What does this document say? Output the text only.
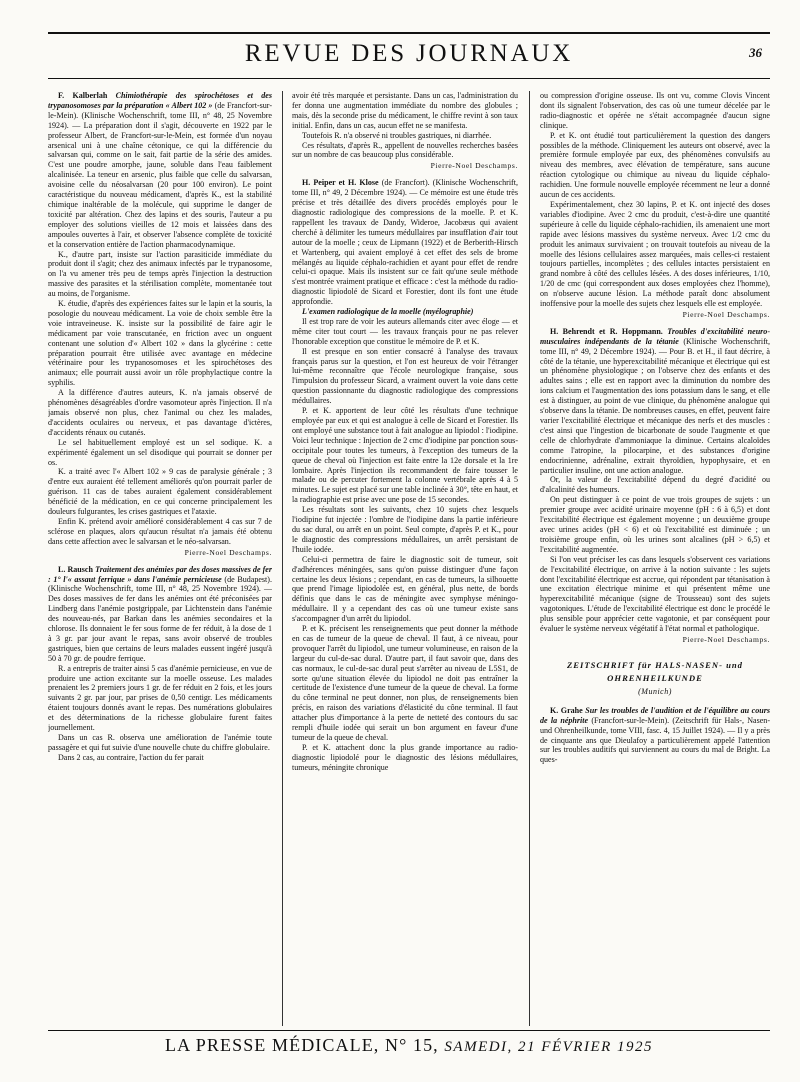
REVUE DES JOURNAUX	36

F. Kalberlah Chimiothérapie des spirochétoses et des trypanosomoses par la préparation « Albert 102 » (de Francfort-sur-le-Mein). (Klinische Wochenschrift, tome III, n° 48, 25 Novembre 1924). — La préparation dont il s'agit, découverte en 1922 par le professeur Albert, de Francfort-sur-le-Mein, est formée d'un noyau arsenical uni à une chaîne cétonique, ce qui la différencie du salvarsan qui, comme on le sait, fait partie de la série des amides. C'est une poudre amorphe, jaune, soluble dans l'eau faiblement alcalinisée. La teneur en arsenic, plus faible que celle du salvarsan, avoisine celle du néosalvarsan (20 pour 100 environ). Le point caractéristique du nouveau médicament, d'après K., est la stabilité chimique inaltérable de la molécule, qui supprime le danger de toxicité par altération. Chez des lapins et des souris, l'auteur a pu employer des solutions vieilles de 12 mois et laissées dans des ampoules ouvertes à l'air, et observer l'absence complète de toxicité et la conservation entière de l'action pharmacodynamique.

K., d'autre part, insiste sur l'action parasiticide immédiate du produit dont il s'agit; chez des animaux infectés par le trypanosome, on l'a vu amener très peu de temps après l'injection la destruction massive des parasites et la stérilisation complète, momentanée tout au moins, de l'organisme.

K. étudie, d'après des expériences faites sur le lapin et la souris, la posologie du nouveau médicament. La voie de choix semble être la voie intraveineuse. K. insiste sur la possibilité de faire agir le médicament par voie transcutanée, en friction avec un onguent contenant une solution d'« Albert 102 » dans la glycérine : cette préparation pourrait être utilisée avec avantage en médecine vétérinaire pour les trypanosomoses et les spirochétoses des animaux; elle pourrait aussi avoir un rôle prophylactique contre la syphilis.

A la différence d'autres auteurs, K. n'a jamais observé de phénomènes désagréables d'ordre vasomoteur après l'injection. Il n'a jamais observé non plus, chez l'animal ou chez les malades, d'accidents oculaires ou nerveux, et pas davantage d'ictères, d'accidents rénaux ou cutanés.

Le sel habituellement employé est un sel sodique. K. a expérimenté également un sel disodique qui pourrait se donner per os.

K. a traité avec l'« Albert 102 » 9 cas de paralysie générale ; 3 d'entre eux auraient été tellement améliorés qu'on pourrait parler de guérison. 11 cas de tabes auraient également considérablement bénéficié de la médication, en ce qui concerne principalement les douleurs fulgurantes, les crises gastriques et l'ataxie.

Enfin K. prétend avoir amélioré considérablement 4 cas sur 7 de sclérose en plaques, alors qu'aucun résultat n'a jamais été obtenu dans cette affection avec le salvarsan et le néo-salvarsan.

Pierre-Noel Deschamps.

L. Rausch Traitement des anémies par des doses massives de fer : 1° l'« assaut ferrique » dans l'anémie pernicieuse (de Budapest). (Klinische Wochenschrift, tome III, n° 48, 25 Novembre 1924). — Des doses massives de fer dans les anémies ont été préconisées par Lindberg dans l'anémie postgrippale, par Lichtenstein dans l'anémie des nouveau-nés, par Barkan dans les anémies secondaires et la chlorose. Ils donnaient le fer sous forme de fer réduit, à la dose de 1 à 3 gr. par jour avant le repas, sans avoir observé de troubles gastriques, bien que certains de leurs malades eussent ingéré jusqu'à 50 à 70 gr. de poudre ferrique.

R. a entrepris de traiter ainsi 5 cas d'anémie pernicieuse, en vue de produire une action excitante sur la moelle osseuse. Les malades prenaient les 2 premiers jours 1 gr. de fer réduit en 2 fois, et les jours suivants 2 gr. par jour, par prises de 0,50 centigr. Les médicaments étaient toujours donnés avant le repas. Des numérations globulaires et des déterminations de la richesse globulaire furent faites journellement.

Dans un cas R. observa une amélioration de l'anémie toute passagère et qui fut suivie d'une nouvelle chute du chiffre globulaire.

Dans 2 cas, au contraire, l'action du fer parait

avoir été très marquée et persistante. Dans un cas, l'administration du fer donna une augmentation immédiate du nombre des globules ; mais, dès la seconde prise du médicament, le chiffre revint à son taux initial. Enfin, dans un cas, aucun effet ne se manifesta.

Toutefois R. n'a observé ni troubles gastriques, ni diarrhée.

Ces résultats, d'après R., appellent de nouvelles recherches basées sur un nombre de cas beaucoup plus considérable.

Pierre-Noel Deschamps.

H. Peiper et H. Klose (de Francfort). (Klinische Wochenschrift, tome III, n° 49, 2 Décembre 1924). — Ce mémoire est une étude très précise et très détaillée des divers procédés employés pour le diagnostic radiologique des compressions de la moelle. P. et K. rappellent les travaux de Dandy, Wideroe, Jacobæus qui avaient cherché à délimiter les tumeurs médullaires par insufflation d'air tout autour de la moelle ; ceux de Lipmann (1922) et de Berberith-Hirsch et Wartenberg, qui avaient employé à cet effet des sels de brome mélangés au liquide céphalo-rachidien et ayant pour effet de rendre celui-ci opaque. Mais ils insistent sur ce fait qu'une seule méthode s'est montrée vraiment pratique et efficace : c'est la méthode du radio-diagnostic lipiodolé de Sicard et Forestier, dont ils font une étude approfondie.

L'examen radiologique de la moelle (myélographie)

Il est trop rare de voir les auteurs allemands citer avec éloge — et même citer tout court — les travaux français pour ne pas relever l'honorable exception que constitue le mémoire de P. et K.

Il est presque en son entier consacré à l'analyse des travaux français parus sur la question, et l'on est heureux de voir l'étranger lui-même reconnaître que l'école neurologique française, sous l'impulsion du professeur Sicard, a vraiment ouvert la voie dans cette question passionnante du diagnostic radiologique des compressions médullaires.

P. et K. apportent de leur côté les résultats d'une technique employée par eux et qui est analogue à celle de Sicard et Forestier. Ils ont employé une substance tout à fait analogue au lipiodol : l'iodipine. Voici leur technique : Injection de 2 cmc d'iodipine par ponction sous-occipitale pour toutes les tumeurs, à l'exception des tumeurs de la queue de cheval où l'injection est faite entre la 12e dorsale et la 1re lombaire. Après l'injection ils recommandent de faire tousser le malade ou de percuter fortement la colonne vertébrale après 4 à 5 minutes. Le sujet est placé sur une table inclinée à 30°, tête en haut, et la radiographie est prise avec une pose de 15 secondes.

Les résultats sont les suivants, chez 10 sujets chez lesquels l'iodipine fut injectée : l'ombre de l'iodipine dans la partie inférieure du sac dural, ou arrêt en un point. Seul compte, d'après P. et K., pour le diagnostic des compressions médullaires, un arrêt persistant de l'huile iodée.

Celui-ci permettra de faire le diagnostic soit de tumeur, soit d'adhérences méningées, sans qu'on puisse distinguer d'une façon certaine les deux lésions ; cependant, en cas de tumeurs, la silhouette que prend l'image lipiodolée est, en général, plus nette, de bords définis que dans le cas de méningite avec symphyse méningo-médullaire. Il y a cependant des cas où une tumeur existe sans s'accompagner d'un arrêt du lipiodol.

P. et K. précisent les renseignements que peut donner la méthode en cas de tumeur de la queue de cheval. Il faut, à ce niveau, pour provoquer l'arrêt du lipiodol, une tumeur volumineuse, en raison de la largeur du cul-de-sac dural. D'autre part, il faut savoir que, dans des cas normaux, le cul-de-sac dural peut s'arrêter au niveau de L5S1, de sorte qu'une situation élevée du lipiodol ne doit pas entraîner la certitude de l'existence d'une tumeur de la queue de cheval. La forme du cône terminal ne peut donner, non plus, de renseignements bien précis, en raison des variations d'élasticité du cône terminal. Il faut attacher plus d'importance à la perte de netteté des contours du sac rempli d'huile iodée qui serait un bon argument en faveur d'une tumeur de la queue de cheval.

P. et K. attachent donc la plus grande importance au radio-diagnostic lipiodolé pour le diagnostic des lésions médullaires, tumeurs, méningite chronique

ou compression d'origine osseuse. Ils ont vu, comme Clovis Vincent dont ils signalent l'observation, des cas où une tumeur décelée par le radio-diagnostic et opérée ne s'était accompagnée d'aucun signe clinique.

P. et K. ont étudié tout particulièrement la question des dangers possibles de la méthode. Cliniquement les auteurs ont observé, avec la première formule employée par eux, des phénomènes convulsifs au niveau des membres, avec élévation de température, sans aucune réaction cytologique ou chimique au niveau du liquide céphalo-rachidien. Une formule nouvelle employée récemment ne leur a donné aucun de ces accidents.

Expérimentalement, chez 30 lapins, P. et K. ont injecté des doses variables d'iodipine. Avec 2 cmc du produit, c'est-à-dire une quantité supérieure à celle du liquide céphalo-rachidien, ils amenaient une mort rapide avec lésions massives du système nerveux. Avec 1/2 cmc du produit les animaux survivaient ; on trouvait toutefois au niveau de la moelle des lésions cellulaires assez marquées, mais celles-ci restaient toujours partielles, incomplètes ; des cellules intactes persistaient en grand nombre à côté des cellules lésées. A des doses inférieures, 1/10, 1/20 de cmc (qui correspondent aux doses employées chez l'homme), on n'observe aucune lésion. La méthode paraît donc absolument inoffensive pour la moelle des sujets chez lesquels elle est employée.

Pierre-Noel Deschamps.

H. Behrendt et R. Hoppmann. Troubles d'excitabilité neuro-musculaires indépendants de la tétanie (Klinische Wochenschrift, tome III, n° 49, 2 Décembre 1924). — Pour B. et H., il faut décrire, à côté de la tétanie, une hyperexcitabilité mécanique et électrique qui est un phénomène physiologique ; on l'observe chez des enfants et des adultes sains ; elle est en rapport avec la diminution du nombre des ions calcium et l'augmentation des ions potassium dans le sang, et elle est à distinguer, au point de vue clinique, du phénomène analogue qui s'observe dans la tétanie. De nombreuses causes, en effet, peuvent faire varier l'excitabilité électrique et mécanique des nerfs et des muscles : c'est ainsi que l'ingestion de bicarbonate de soude l'augmente et que celle de chlorhydrate d'ammoniaque la diminue. Certains alcaloïdes comme l'atropine, la pilocarpine, et des substances d'origine endocrinienne, adrénaline, extrait thyroïdien, hypophysaire, et en particulier insuline, ont une action analogue.

Or, la valeur de l'excitabilité dépend du degré d'acidité ou d'alcalinité des humeurs.

On peut distinguer à ce point de vue trois groupes de sujets : un premier groupe avec acidité urinaire moyenne (pH : 6 à 6,5) et dont l'excitabilité électrique est également moyenne ; un deuxième groupe avec urines acides (pH < 6) et où l'excitabilité est diminuée ; un troisième groupe enfin, où les urines sont alcalines (pH > 6,5) et l'excitabilité augmentée.

Si l'on veut préciser les cas dans lesquels s'observent ces variations de l'excitabilité électrique, on arrive à la notion suivante : les sujets dont l'excitabilité électrique est accrue, qui répondent par tétanisation à une excitation électrique minime et qui présentent même une hyperexcitabilité mécanique (signe de Trousseau) sont des sujets vagotoniques. L'étude de l'excitabilité électrique est donc le procédé le plus sensible pour apprécier cette vagotonie, et par conséquent pour évaluer le système nerveux végétatif à l'état normal et pathologique.

Pierre-Noel Deschamps.
ZEITSCHRIFT für HALS-NASEN- und OHRENHEILKUNDE
(Munich)

K. Grahe Sur les troubles de l'audition et de l'équilibre au cours de la néphrite (Francfort-sur-le-Mein). (Zeitschrift für Hals-, Nasen- und Ohrenheilkunde, tome VIII, fasc. 4, 15 Juillet 1924). — Il y a près de cinquante ans que Dieulafoy a particulièrement appelé l'attention sur les troubles auditifs qui surviennent au cours du mal de Bright. La ques-

LA PRESSE MÉDICALE, N° 15, SAMEDI, 21 FÉVRIER 1925
